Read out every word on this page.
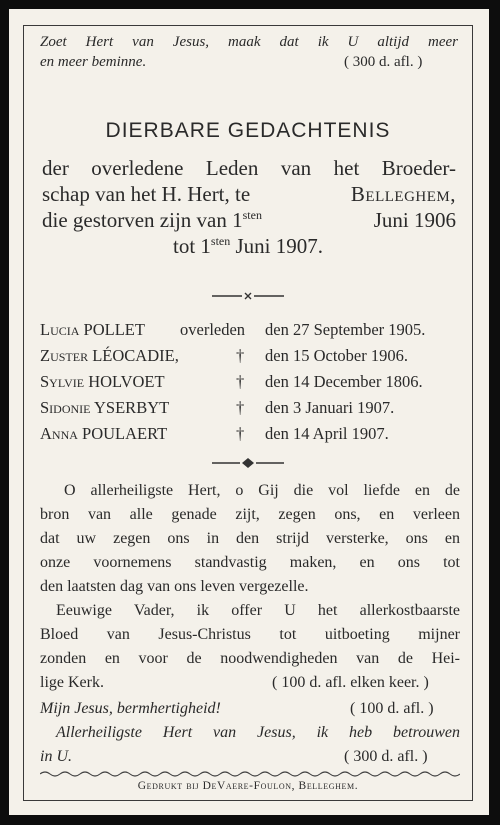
Zoet Hert van Jesus, maak dat ik U altijd meer
en meer beminne.	( 300 d. afl. )
DIERBARE GEDACHTENIS
der overledene Leden van het Broeder-
schap van het H. Hert, te	Belleghem,
die gestorven zijn van $1^{sten}$	Juni 1906
tot $1^{sten}$ Juni 1907.
Lucia POLLET overleden den 27 September 1905.
Zuster LÉOCADIE,	† den 15 October 1906.
Sylvie HOLVOET	† den 14 December 1806.
Sidonie YSERBYT	† den 3 Januari 1907.
Anna POULAERT	† den 14 April 1907.
O allerheiligste Hert, o Gij die vol liefde en de
bron van alle genade zijt, zegen ons, en verleen
dat uw zegen ons in den strijd versterke, ons en
onze voornemens standvastig maken, en ons tot
den laatsten dag van ons leven vergezelle.
Eeuwige Vader, ik offer U het allerkostbaarste
Bloed van Jesus-Christus tot uitboeting mijner
zonden en voor de noodwendigheden van de Hei-
lige Kerk.	( 100 d. afl. elken keer. )
Mijn Jesus, bermhertigheid!	( 100 d. afl. )
Allerheiligste Hert van Jesus, ik heb betrouwen
in U.	( 300 d. afl. )
Gedrukt bij DeVaere-Foulon, Belleghem.
